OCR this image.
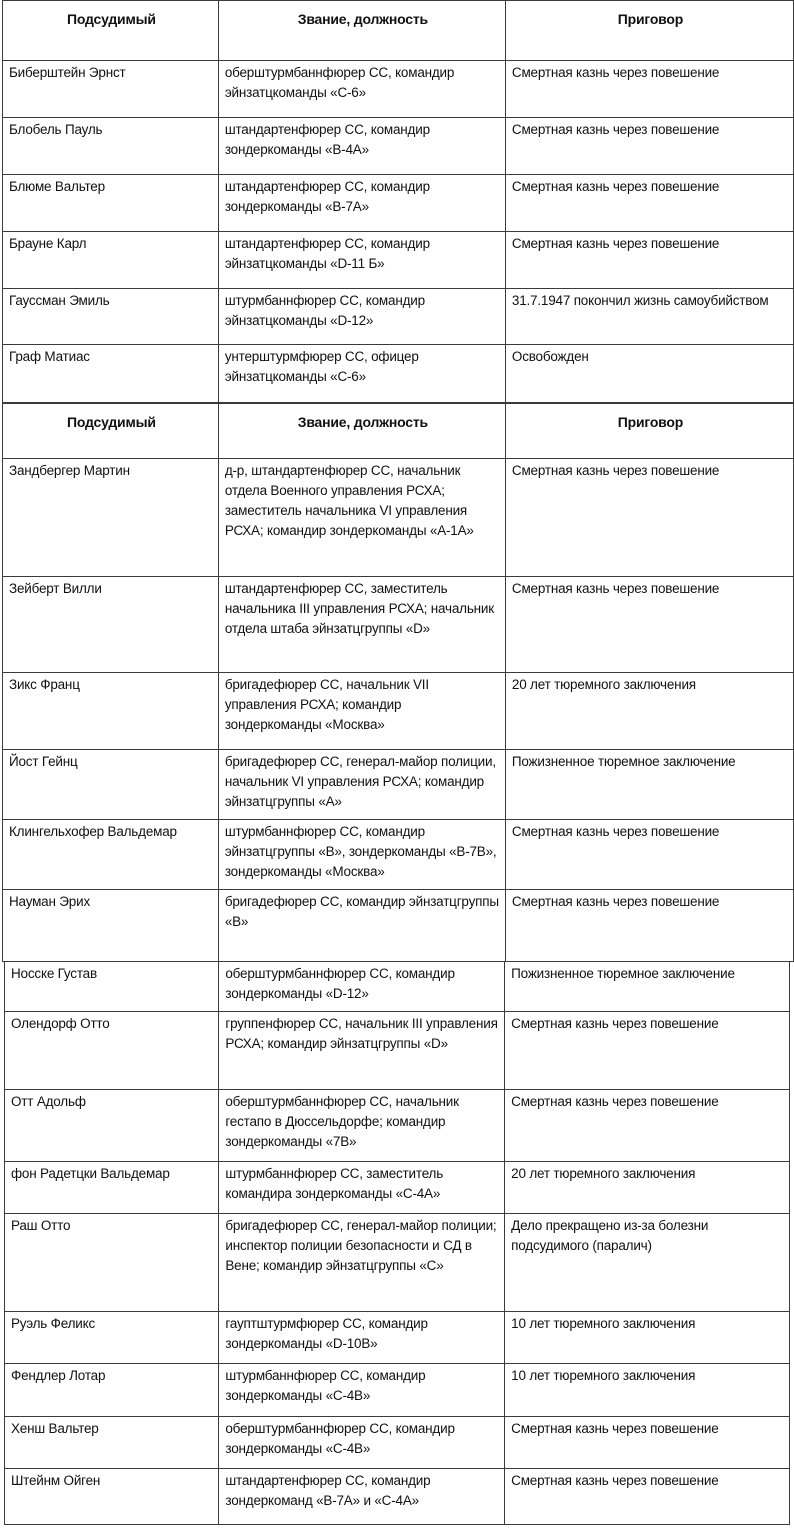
Подсудимый	Звание, должность	Приговор
Биберштейн Эрнст	оберштурмбаннфюрер СС, командир эйнзатцкоманды «С-6»	Смертная казнь через повешение
Блобель Пауль	штандартенфюрер СС, командир зондеркоманды «В-4А»	Смертная казнь через повешение
Блюме Вальтер	штандартенфюрер СС, командир зондеркоманды «В-7А»	Смертная казнь через повешение
Брауне Карл	штандартенфюрер СС, командир эйнзатцкоманды «D-11 Б»	Смертная казнь через повешение
Гауссман Эмиль	штурмбаннфюрер СС, командир эйнзатцкоманды «D-12»	31.7.1947 покончил жизнь самоубийством
Граф Матиас	унтерштурмфюрер СС, офицер эйнзатцкоманды «С-6»	Освобожден
Подсудимый	Звание, должность	Приговор
Зандбергер Мартин	д-р, штандартенфюрер СС, начальник отдела Военного управления РСХА; заместитель начальника VI управления РСХА; командир зондеркоманды «А-1А»	Смертная казнь через повешение
Зейберт Вилли	штандартенфюрер СС, заместитель начальника III управления РСХА; начальник отдела штаба эйнзатцгруппы «D»	Смертная казнь через повешение
Зикс Франц	бригадефюрер СС, начальник VII управления РСХА; командир зондеркоманды «Москва»	20 лет тюремного заключения
Йост Гейнц	бригадефюрер СС, генерал-майор полиции, начальник VI управления РСХА; командир эйнзатцгруппы «А»	Пожизненное тюремное заключение
Клингельхофер Вальдемар	штурмбаннфюрер СС, командир эйнзатцгруппы «В», зондеркоманды «В-7В», зондеркоманды «Москва»	Смертная казнь через повешение
Науман Эрих	бригадефюрер СС, командир эйнзатцгруппы «В»	Смертная казнь через повешение
Носске Густав	оберштурмбаннфюрер СС, командир зондеркоманды «D-12»	Пожизненное тюремное заключение
Олендорф Отто	группенфюрер СС, начальник III управления РСХА; командир эйнзатцгруппы «D»	Смертная казнь через повешение
Отт Адольф	оберштурмбаннфюрер СС, начальник гестапо в Дюссельдорфе; командир зондеркоманды «7В»	Смертная казнь через повешение
фон Радетцки Вальдемар	штурмбаннфюрер СС, заместитель командира зондеркоманды «С-4А»	20 лет тюремного заключения
Раш Отто	бригадефюрер СС, генерал-майор полиции; инспектор полиции безопасности и СД в Вене; командир эйнзатцгруппы «С»	Дело прекращено из-за болезни подсудимого (паралич)
Руэль Феликс	гауптштурмфюрер СС, командир зондеркоманды «D-10В»	10 лет тюремного заключения
Фендлер Лотар	штурмбаннфюрер СС, командир зондеркоманды «С-4В»	10 лет тюремного заключения
Хенш Вальтер	оберштурмбаннфюрер СС, командир зондеркоманды «С-4В»	Смертная казнь через повешение
Штейнм Ойген	штандартенфюрер СС, командир зондеркоманд «В-7А» и «С-4А»	Смертная казнь через повешение
